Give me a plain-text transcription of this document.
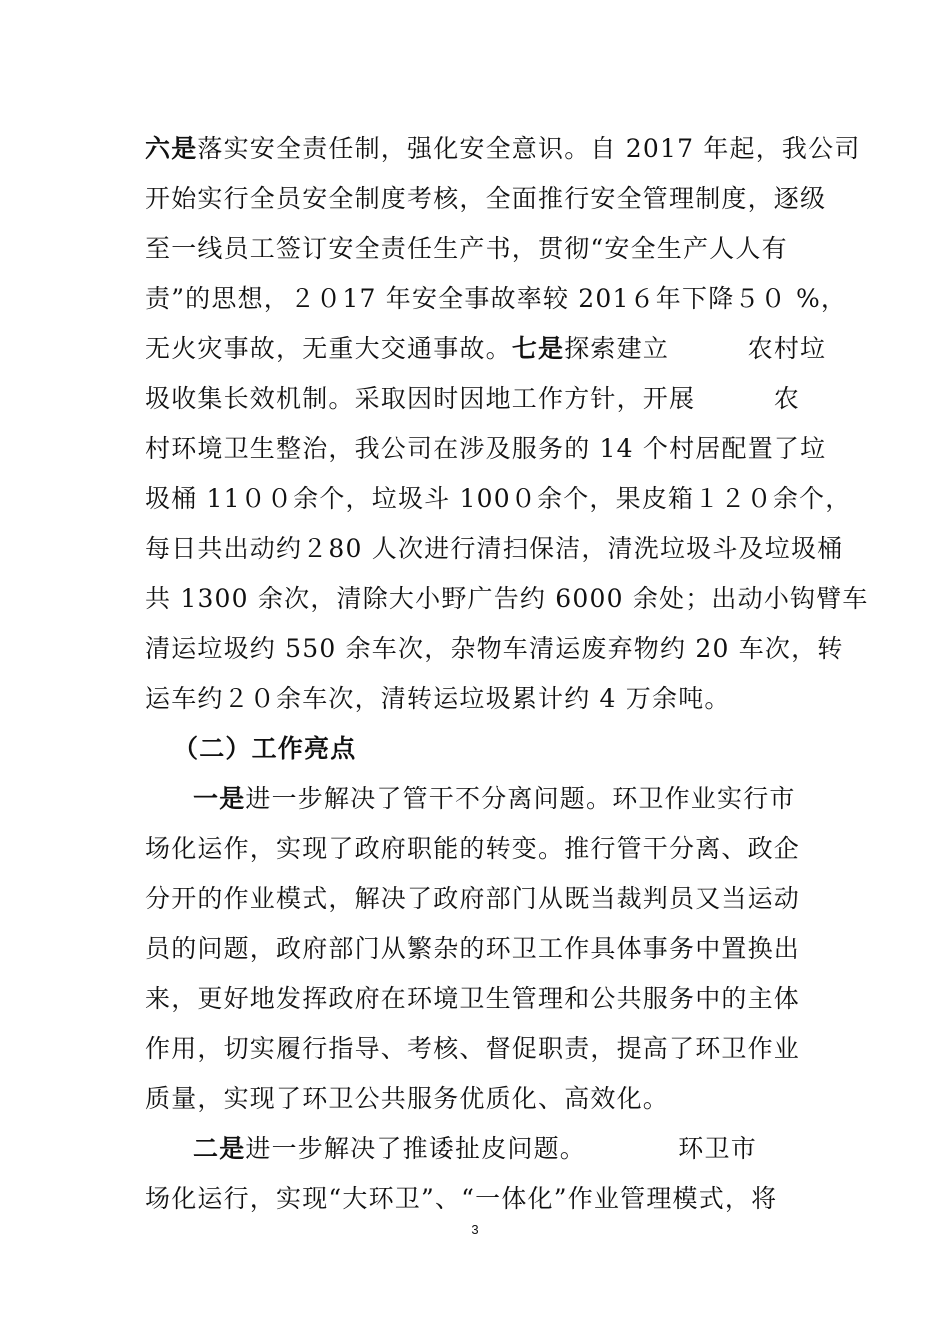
六是落实安全责任制，强化安全意识。自 2017 年起，我公司
开始实行全员安全制度考核，全面推行安全管理制度，逐级
至一线员工签订安全责任生产书，贯彻“安全生产人人有
责”的思想，２０17 年安全事故率较 201６年下降５０ %，
无火灾事故，无重大交通事故。七是探索建立　　　农村垃
圾收集长效机制。采取因时因地工作方针，开展　　　农
村环境卫生整治，我公司在涉及服务的 14 个村居配置了垃
圾桶 11００余个，垃圾斗 100０余个，果皮箱１２０余个，
每日共出动约２80 人次进行清扫保洁，清洗垃圾斗及垃圾桶
共 1300 余次，清除大小野广告约 6000 余处；出动小钩臂车
清运垃圾约 550 余车次，杂物车清运废弃物约 20 车次，转
运车约２０余车次，清转运垃圾累计约 4 万余吨。
（二）工作亮点
一是进一步解决了管干不分离问题。环卫作业实行市
场化运作，实现了政府职能的转变。推行管干分离、政企
分开的作业模式，解决了政府部门从既当裁判员又当运动
员的问题，政府部门从繁杂的环卫工作具体事务中置换出
来，更好地发挥政府在环境卫生管理和公共服务中的主体
作用，切实履行指导、考核、督促职责，提高了环卫作业
质量，实现了环卫公共服务优质化、高效化。
二是进一步解决了推诿扯皮问题。　　　　环卫市
场化运行，实现“大环卫”、“一体化”作业管理模式，将
3
